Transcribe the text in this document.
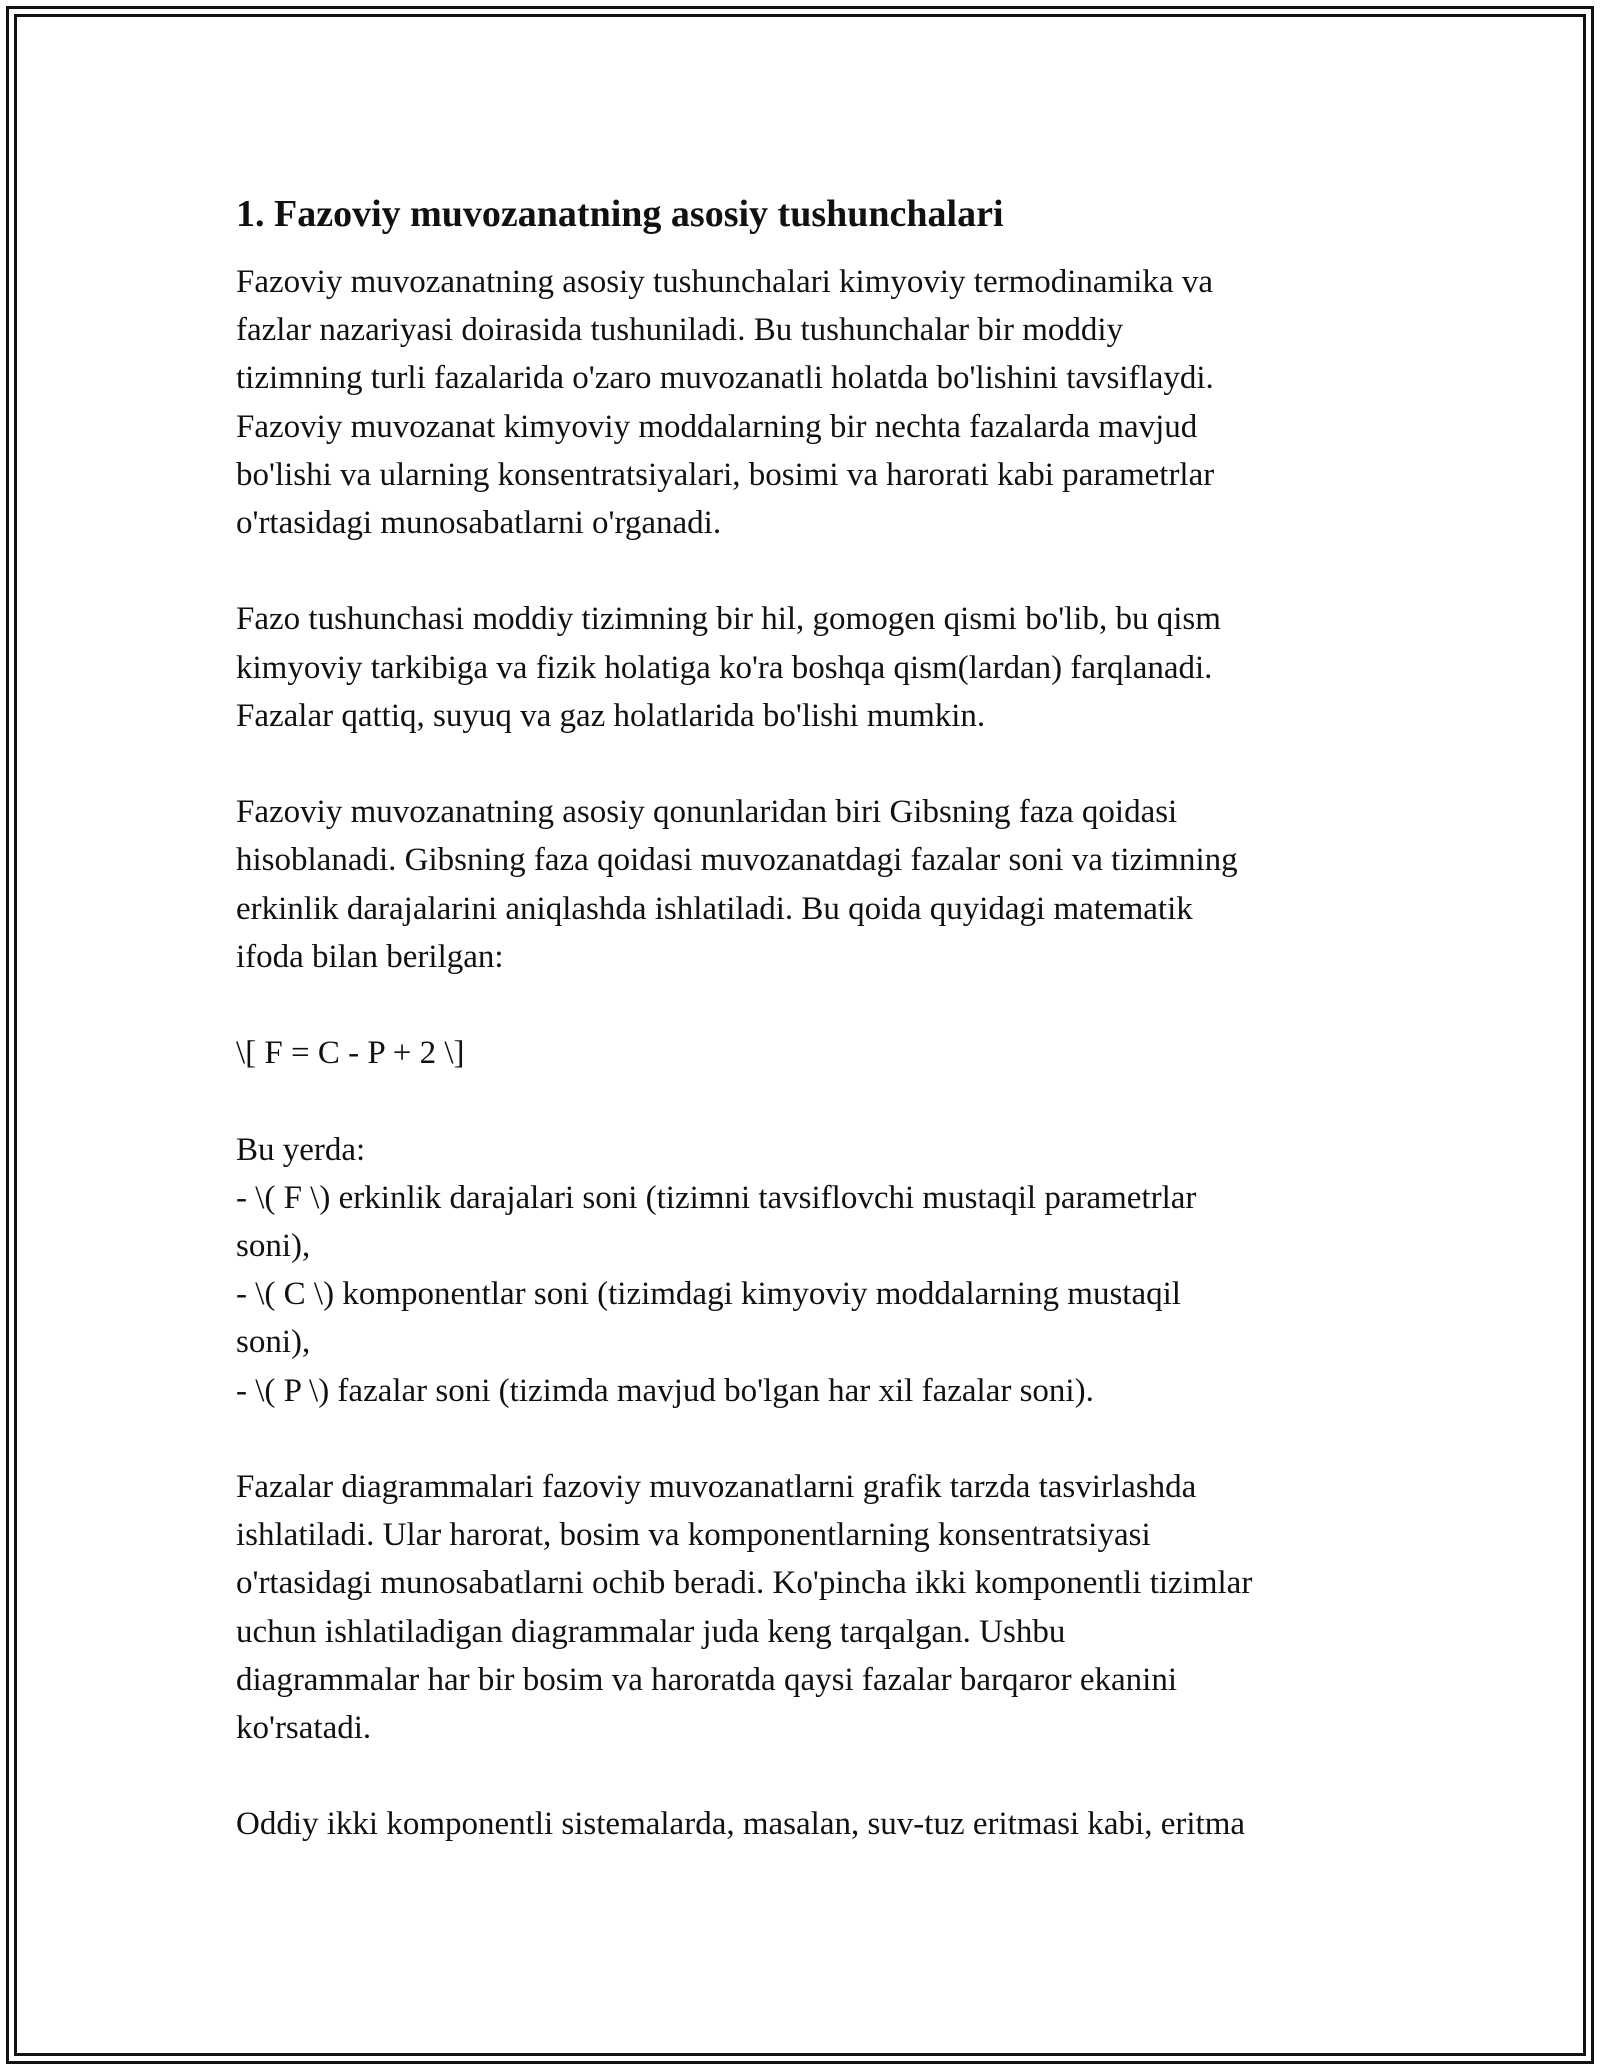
1. Fazoviy muvozanatning asosiy tushunchalari

Fazoviy muvozanatning asosiy tushunchalari kimyoviy termodinamika va

fazlar nazariyasi doirasida tushuniladi. Bu tushunchalar bir moddiy

tizimning turli fazalarida o'zaro muvozanatli holatda bo'lishini tavsiflaydi.

Fazoviy muvozanat kimyoviy moddalarning bir nechta fazalarda mavjud

bo'lishi va ularning konsentratsiyalari, bosimi va harorati kabi parametrlar

o'rtasidagi munosabatlarni o'rganadi.

Fazo tushunchasi moddiy tizimning bir hil, gomogen qismi bo'lib, bu qism

kimyoviy tarkibiga va fizik holatiga ko'ra boshqa qism(lardan) farqlanadi.

Fazalar qattiq, suyuq va gaz holatlarida bo'lishi mumkin.

Fazoviy muvozanatning asosiy qonunlaridan biri Gibsning faza qoidasi

hisoblanadi. Gibsning faza qoidasi muvozanatdagi fazalar soni va tizimning

erkinlik darajalarini aniqlashda ishlatiladi. Bu qoida quyidagi matematik

ifoda bilan berilgan:

\[ F = C - P + 2 \]

Bu yerda:

- \( F \) erkinlik darajalari soni (tizimni tavsiflovchi mustaqil parametrlar

soni),

- \( C \) komponentlar soni (tizimdagi kimyoviy moddalarning mustaqil

soni),

- \( P \) fazalar soni (tizimda mavjud bo'lgan har xil fazalar soni).

Fazalar diagrammalari fazoviy muvozanatlarni grafik tarzda tasvirlashda

ishlatiladi. Ular harorat, bosim va komponentlarning konsentratsiyasi

o'rtasidagi munosabatlarni ochib beradi. Ko'pincha ikki komponentli tizimlar

uchun ishlatiladigan diagrammalar juda keng tarqalgan. Ushbu

diagrammalar har bir bosim va haroratda qaysi fazalar barqaror ekanini

ko'rsatadi.

Oddiy ikki komponentli sistemalarda, masalan, suv-tuz eritmasi kabi, eritma
